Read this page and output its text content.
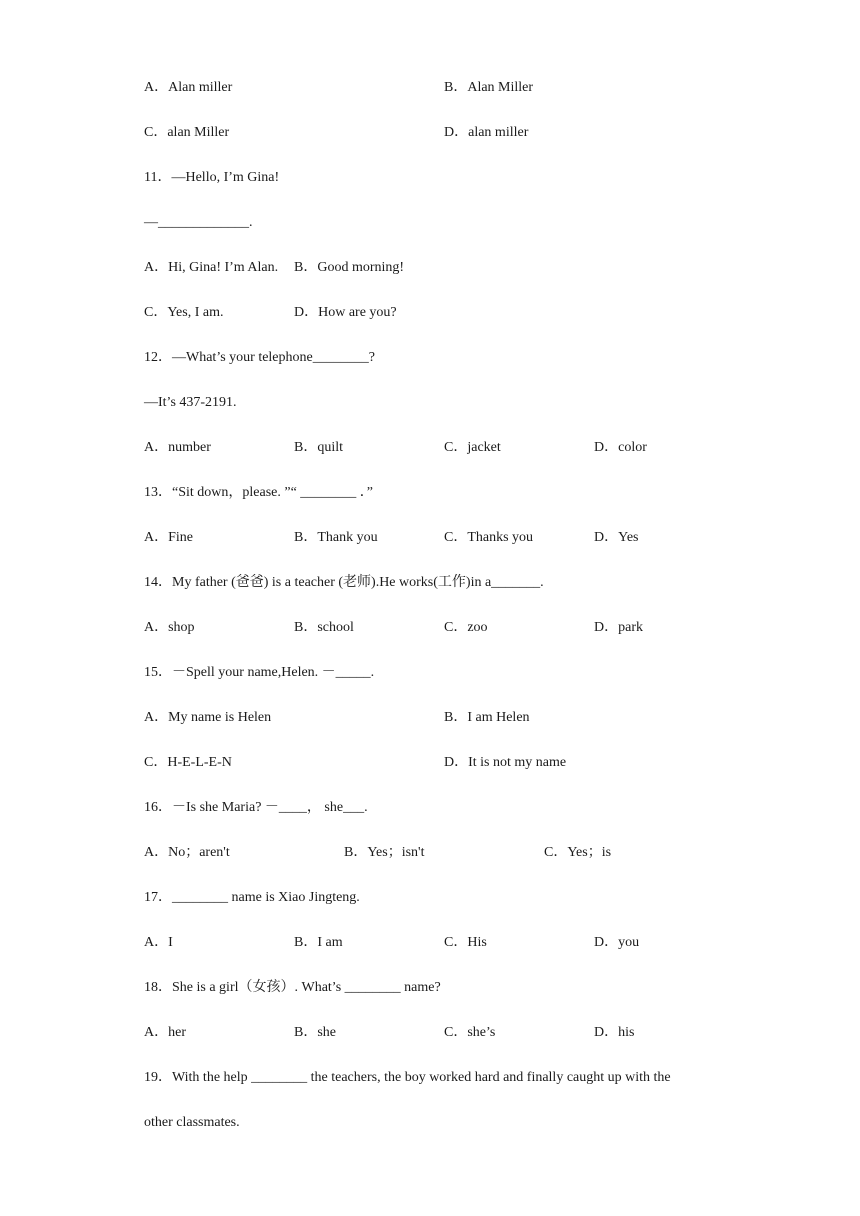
A．Alan miller	B．Alan Miller
C．alan Miller	D．alan miller
11．—Hello, I’m Gina!
—_____________.
A．Hi, Gina! I’m Alan. B．Good morning!
C．Yes, I am.	D．How are you?
12．—What’s your telephone________?
—It’s 437-2191.
A．number	B．quilt	C．jacket	D．color
13．“Sit down，please. ”“ ________ ．”
A．Fine	B．Thank you	C．Thanks you	D．Yes
14．My father (爸爸) is a teacher (老师).He works(工作)in a_______.
A．shop	B．school	C．zoo	D．park
15．－Spell your name,Helen. －_____.
A．My name is Helen	B．I am Helen
C．H-E-L-E-N	D．It is not my name
16．－Is she Maria? －____， she___.
A．No；aren't	B．Yes；isn't	C．Yes；is
17．________ name is Xiao Jingteng.
A．I	B．I am	C．His	D．you
18．She is a girl（女孩）. What’s ________ name?
A．her	B．she	C．she’s	D．his
19．With the help ________ the teachers, the boy worked hard and finally caught up with the
other classmates.
